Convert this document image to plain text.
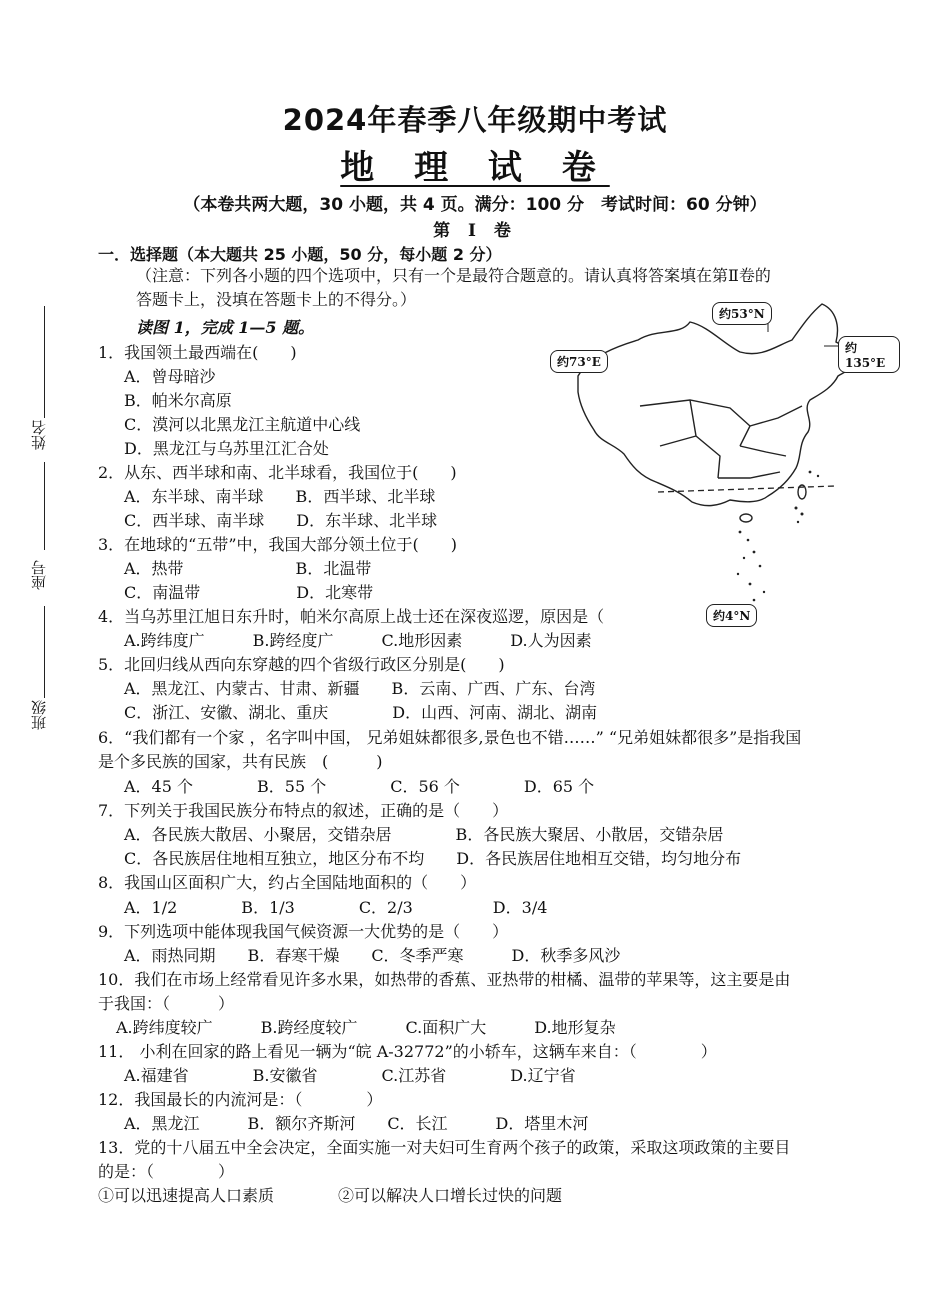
2024年春季八年级期中考试
地 理 试 卷
（本卷共两大题，30 小题，共 4 页。满分：100 分　考试时间：60 分钟）
第 Ⅰ 卷
一．选择题（本大题共 25 小题，50 分，每小题 2 分）
（注意：下列各小题的四个选项中，只有一个是最符合题意的。请认真将答案填在第Ⅱ卷的
答题卡上，没填在答题卡上的不得分。）
读图 1，完成 1—5 题。
姓名
座号
班级
约53°N
约135°E
约73°E
约4°N
1．我国领土最西端在(　　)
A．曾母暗沙
B．帕米尔高原
C．漠河以北黑龙江主航道中心线
D．黑龙江与乌苏里江汇合处
2．从东、西半球和南、北半球看，我国位于(　　)
A．东半球、南半球　　B．西半球、北半球
C．西半球、南半球　　D．东半球、北半球
3．在地球的“五带”中，我国大部分领土位于(　　)
A．热带　　　　　　　B．北温带
C．南温带　　　　　　D．北寒带
4．当乌苏里江旭日东升时，帕米尔高原上战士还在深夜巡逻，原因是（
A.跨纬度广　　　B.跨经度广　　　C.地形因素　　　D.人为因素
5．北回归线从西向东穿越的四个省级行政区分别是(　　)
A．黑龙江、内蒙古、甘肃、新疆　　B．云南、广西、广东、台湾
C．浙江、安徽、湖北、重庆　　　　D．山西、河南、湖北、湖南
6．“我们都有一个家 ，名字叫中国， 兄弟姐妹都很多,景色也不错……” “兄弟姐妹都很多”是指我国
是个多民族的国家，共有民族　(　　　)
A．45 个　　　　B．55 个　　　　C．56 个　　　　D．65 个
7．下列关于我国民族分布特点的叙述，正确的是（　　）
A．各民族大散居、小聚居，交错杂居　　　　B．各民族大聚居、小散居，交错杂居
C．各民族居住地相互独立，地区分布不均　　D．各民族居住地相互交错，均匀地分布
8．我国山区面积广大，约占全国陆地面积的（　　）
A．1/2　　　　B．1/3　　　　C．2/3　　　　　D．3/4
9．下列选项中能体现我国气候资源一大优势的是（　　）
A．雨热同期　　B．春寒干燥　　C．冬季严寒　　　D．秋季多风沙
10．我们在市场上经常看见许多水果，如热带的香蕉、亚热带的柑橘、温带的苹果等，这主要是由
于我国：（　　　）
A.跨纬度较广　　　B.跨经度较广　　　C.面积广大　　　D.地形复杂
11． 小利在回家的路上看见一辆为“皖 A-32772”的小轿车，这辆车来自：（　　　　）
A.福建省　　　　B.安徽省　　　　C.江苏省　　　　D.辽宁省
12．我国最长的内流河是：（　　　　）
A．黑龙江　　　B．额尔齐斯河　　C．长江　　　D．塔里木河
13．党的十八届五中全会决定，全面实施一对夫妇可生育两个孩子的政策，采取这项政策的主要目
的是：（　　　　）
①可以迅速提高人口素质　　　　②可以解决人口增长过快的问题
